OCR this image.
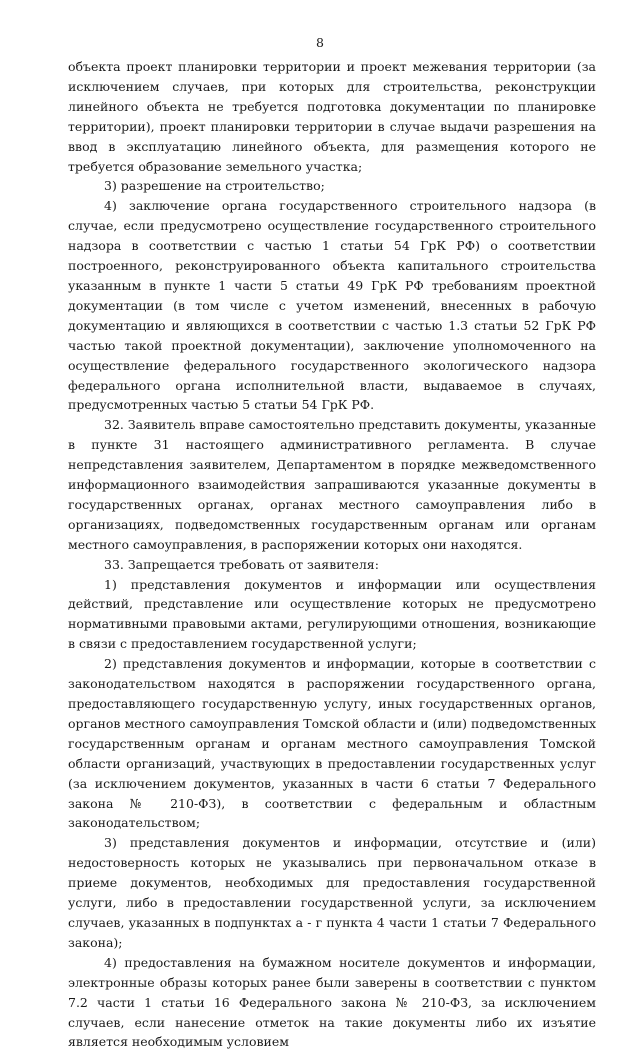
8

объекта проект планировки территории и проект межевания территории (за исключением случаев, при которых для строительства, реконструкции линейного объекта не требуется подготовка документации по планировке территории), проект планировки территории в случае выдачи разрешения на ввод в эксплуатацию линейного объекта, для размещения которого не требуется образование земельного участка;

3) разрешение на строительство;

4) заключение органа государственного строительного надзора (в случае, если предусмотрено осуществление государственного строительного надзора в соответствии с частью 1 статьи 54 ГрК РФ) о соответствии построенного, реконструированного объекта капитального строительства указанным в пункте 1 части 5 статьи 49 ГрК РФ требованиям проектной документации (в том числе с учетом изменений, внесенных в рабочую документацию и являющихся в соответствии с частью 1.3 статьи 52 ГрК РФ частью такой проектной документации), заключение уполномоченного на осуществление федерального государственного экологического надзора федерального органа исполнительной власти, выдаваемое в случаях, предусмотренных частью 5 статьи 54 ГрК РФ.

32. Заявитель вправе самостоятельно представить документы, указанные в пункте 31 настоящего административного регламента. В случае непредставления заявителем, Департаментом в порядке межведомственного информационного взаимодействия запрашиваются указанные документы в государственных органах, органах местного самоуправления либо в организациях, подведомственных государственным органам или органам местного самоуправления, в распоряжении которых они находятся.

33. Запрещается требовать от заявителя:

1) представления документов и информации или осуществления действий, представление или осуществление которых не предусмотрено нормативными правовыми актами, регулирующими отношения, возникающие в связи с предоставлением государственной услуги;

2) представления документов и информации, которые в соответствии с законодательством находятся в распоряжении государственного органа, предоставляющего государственную услугу, иных государственных органов, органов местного самоуправления Томской области и (или) подведомственных государственным органам и органам местного самоуправления Томской области организаций, участвующих в предоставлении государственных услуг (за исключением документов, указанных в части 6 статьи 7 Федерального закона № 210-ФЗ), в соответствии с федеральным и областным законодательством;

3) представления документов и информации, отсутствие и (или) недостоверность которых не указывались при первоначальном отказе в приеме документов, необходимых для предоставления государственной услуги, либо в предоставлении государственной услуги, за исключением случаев, указанных в подпунктах а - г пункта 4 части 1 статьи 7 Федерального закона);

4) предоставления на бумажном носителе документов и информации, электронные образы которых ранее были заверены в соответствии с пунктом 7.2 части 1 статьи 16 Федерального закона № 210-ФЗ, за исключением случаев, если нанесение отметок на такие документы либо их изъятие является необходимым условием
